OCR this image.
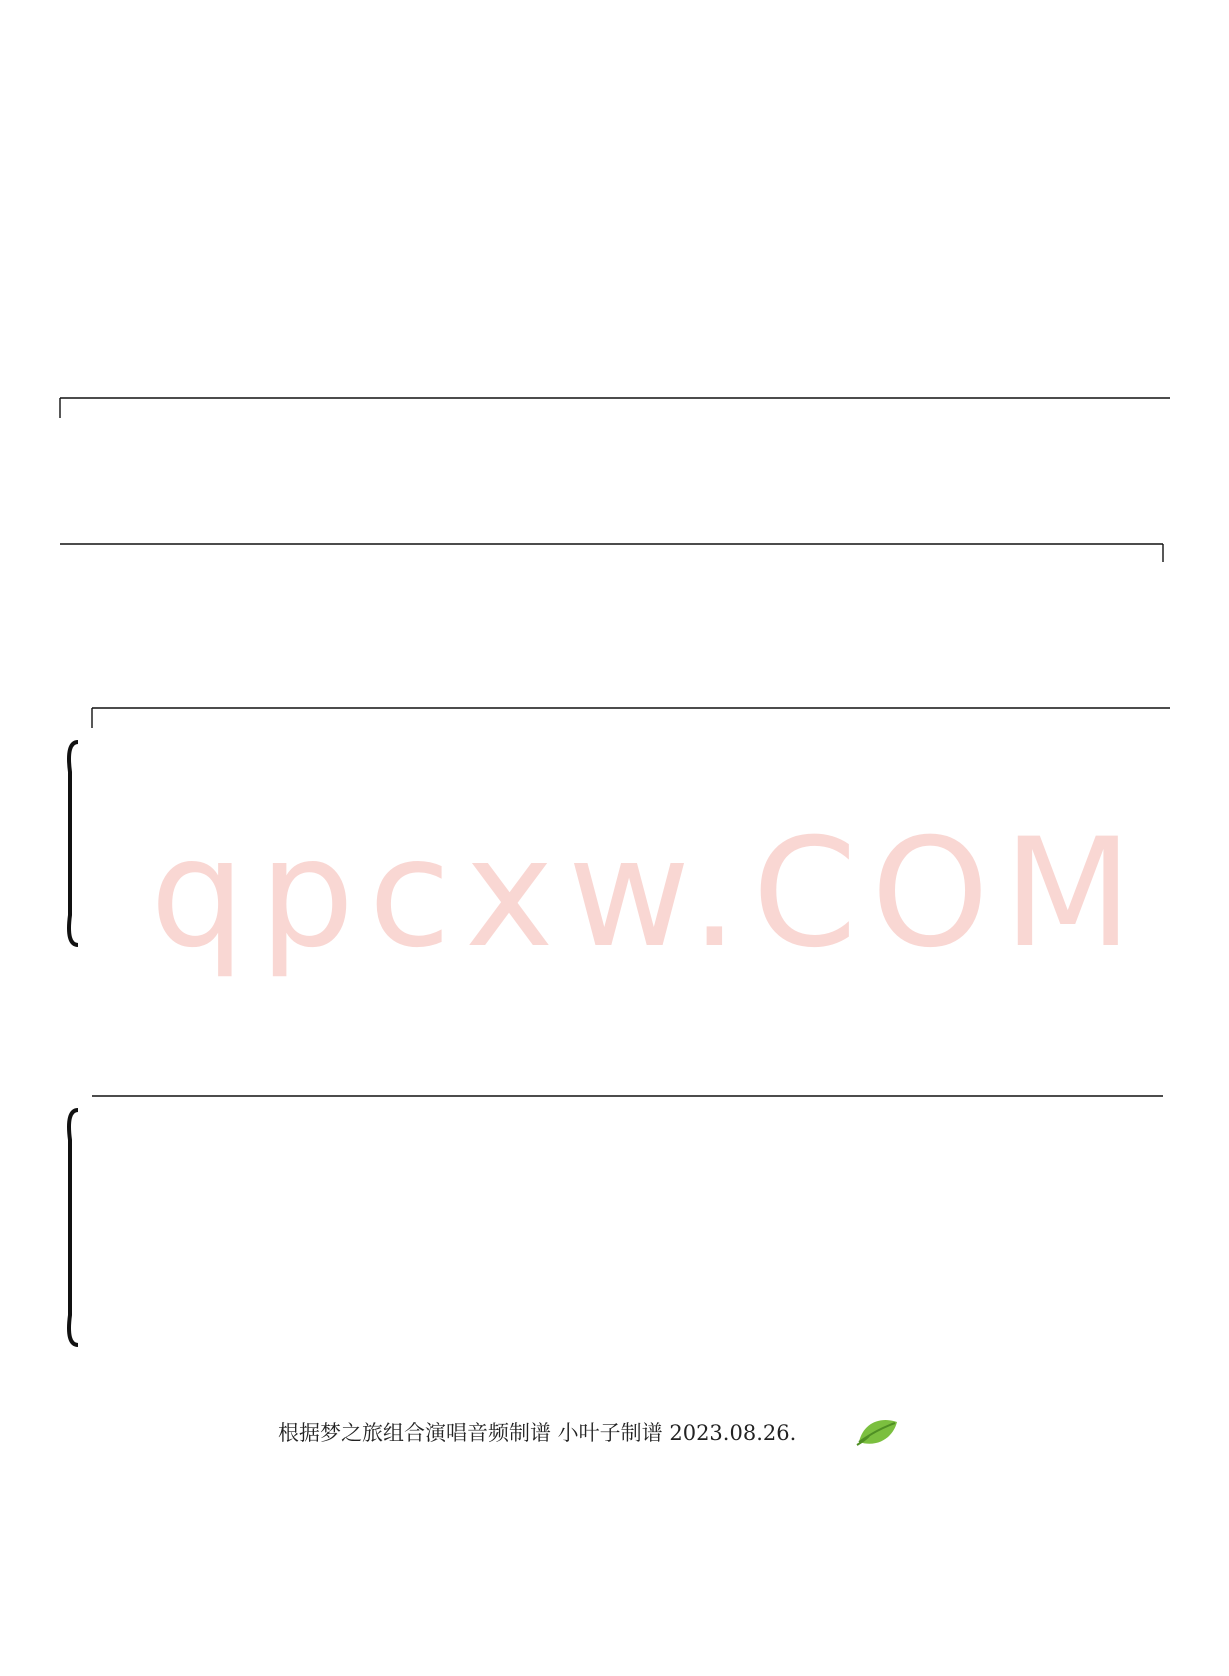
qpcxw.COM
根据梦之旅组合演唱音频制谱 小叶子制谱 2023.08.26.
